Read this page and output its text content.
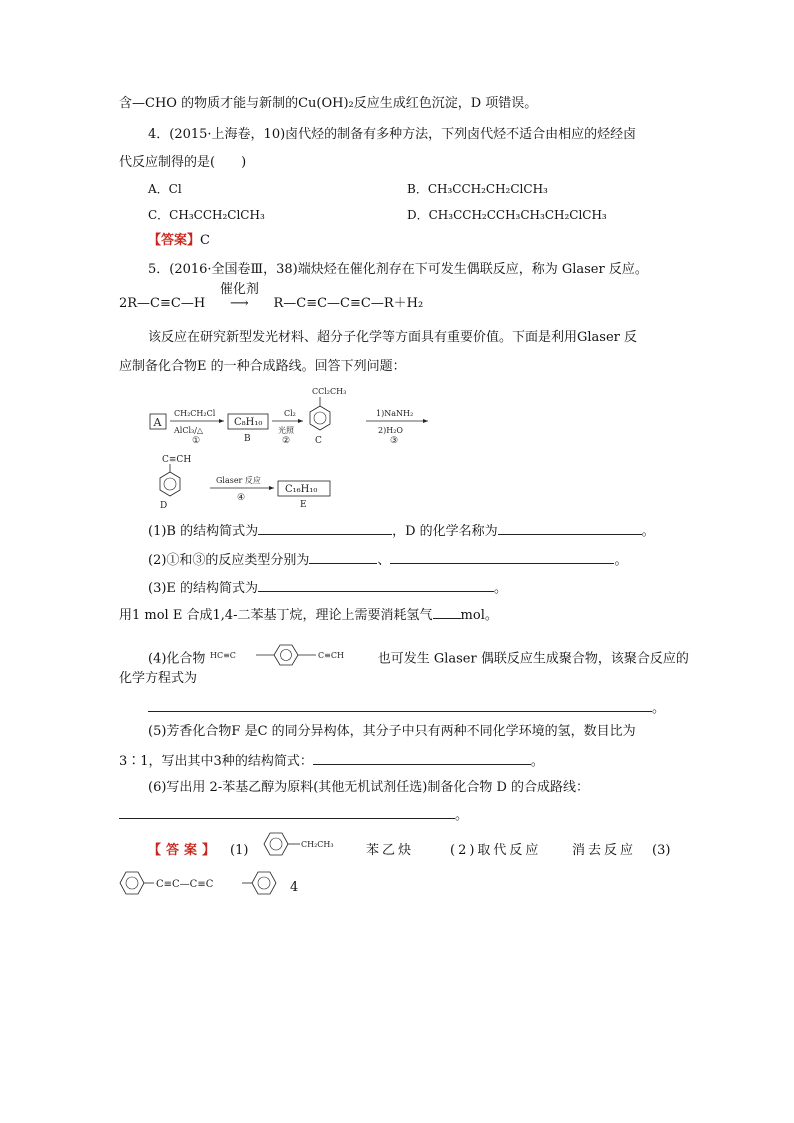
含—CHO 的物质才能与新制的Cu(OH)₂反应生成红色沉淀，D 项错误。
4．(2015·上海卷，10)卤代烃的制备有多种方法，下列卤代烃不适合由相应的烃经卤
代反应制得的是(　　)
A．Cl	B．CH₃CCH₂CH₂ClCH₃
C．CH₃CCH₂ClCH₃	D．CH₃CCH₂CCH₃CH₃CH₂ClCH₃
【答案】C
5．(2016·全国卷Ⅲ，38)端炔烃在催化剂存在下可发生偶联反应，称为 Glaser 反应。
2R—C≡C—H
催化剂
⟶ R—C≡C—C≡C—R＋H₂
该反应在研究新型发光材料、超分子化学等方面具有重要价值。下面是利用Glaser 反
应制备化合物E 的一种合成路线。回答下列问题：
A
CH₂CH₂Cl
AlCl₃/△
①
C₈H₁₀
B
Cl₂
光照
②
CCl₂CH₃
C
1)NaNH₂
2)H₂O
③
C≡CH
D
Glaser 反应
④
C₁₆H₁₀
E
(1)B 的结构简式为	，D 的化学名称为	。
(2)①和③的反应类型分别为	、	。
(3)E 的结构简式为	。
用1 mol E 合成1,4-二苯基丁烷，理论上需要消耗氢气 mol。
(4)化合物 HC≡C	C≡CH	也可发生 Glaser 偶联反应生成聚合物，该聚合反应的
化学方程式为
。
(5)芳香化合物F 是C 的同分异构体，其分子中只有两种不同化学环境的氢，数目比为
3∶1，写出其中3种的结构简式：	。
(6)写出用 2-苯基乙醇为原料(其他无机试剂任选)制备化合物 D 的合成路线：
。
【答案】 (1)	CH₂CH₃ 苯乙炔	(2)取代反应 消去反应 (3)
C≡C—C≡C	4
